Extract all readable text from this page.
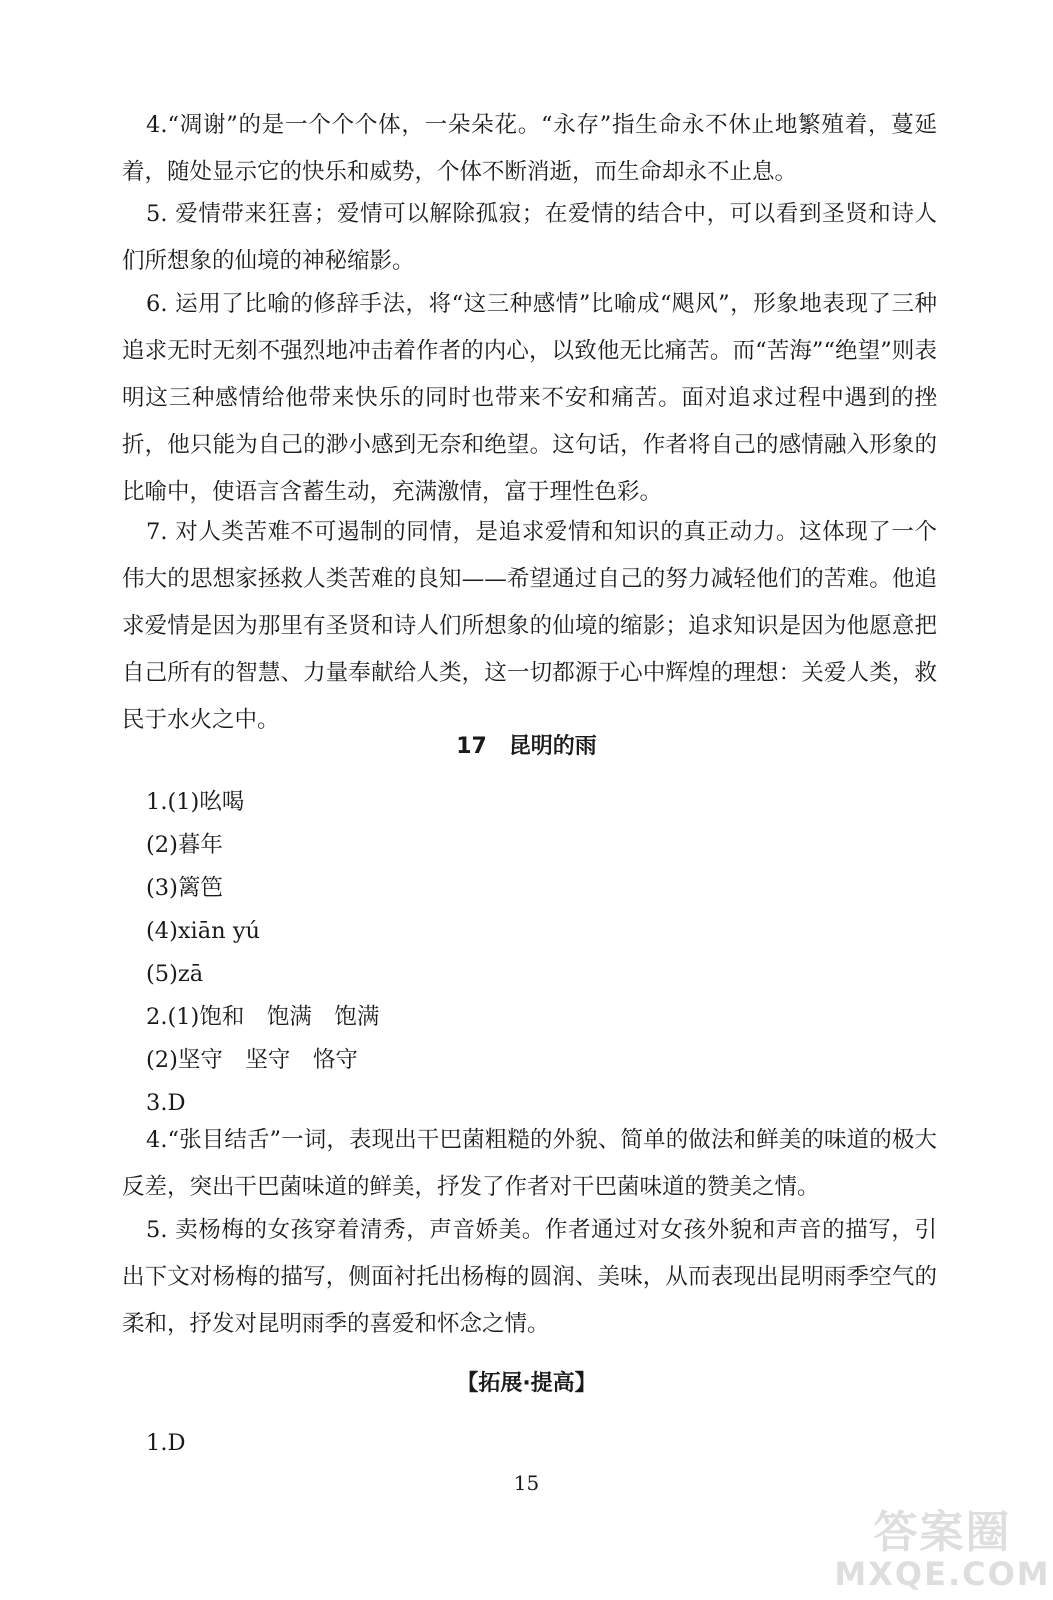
4.“凋谢”的是一个个个体，一朵朵花。“永存”指生命永不休止地繁殖着，蔓延着，随处显示它的快乐和威势，个体不断消逝，而生命却永不止息。

5. 爱情带来狂喜；爱情可以解除孤寂；在爱情的结合中，可以看到圣贤和诗人们所想象的仙境的神秘缩影。

6. 运用了比喻的修辞手法，将“这三种感情”比喻成“飓风”，形象地表现了三种追求无时无刻不强烈地冲击着作者的内心，以致他无比痛苦。而“苦海”“绝望”则表明这三种感情给他带来快乐的同时也带来不安和痛苦。面对追求过程中遇到的挫折，他只能为自己的渺小感到无奈和绝望。这句话，作者将自己的感情融入形象的比喻中，使语言含蓄生动，充满激情，富于理性色彩。

7. 对人类苦难不可遏制的同情，是追求爱情和知识的真正动力。这体现了一个伟大的思想家拯救人类苦难的良知——希望通过自己的努力减轻他们的苦难。他追求爱情是因为那里有圣贤和诗人们所想象的仙境的缩影；追求知识是因为他愿意把自己所有的智慧、力量奉献给人类，这一切都源于心中辉煌的理想：关爱人类，救民于水火之中。

17　昆明的雨
1.(1)吆喝
(2)暮年
(3)篱笆
(4)xiān yú
(5)zā
2.(1)饱和　饱满　饱满
(2)坚守　坚守　恪守
3.D

4.“张目结舌”一词，表现出干巴菌粗糙的外貌、简单的做法和鲜美的味道的极大反差，突出干巴菌味道的鲜美，抒发了作者对干巴菌味道的赞美之情。

5. 卖杨梅的女孩穿着清秀，声音娇美。作者通过对女孩外貌和声音的描写，引出下文对杨梅的描写，侧面衬托出杨梅的圆润、美味，从而表现出昆明雨季空气的柔和，抒发对昆明雨季的喜爱和怀念之情。

【拓展·提高】
1.D
15
答案圈
MXQE.COM
